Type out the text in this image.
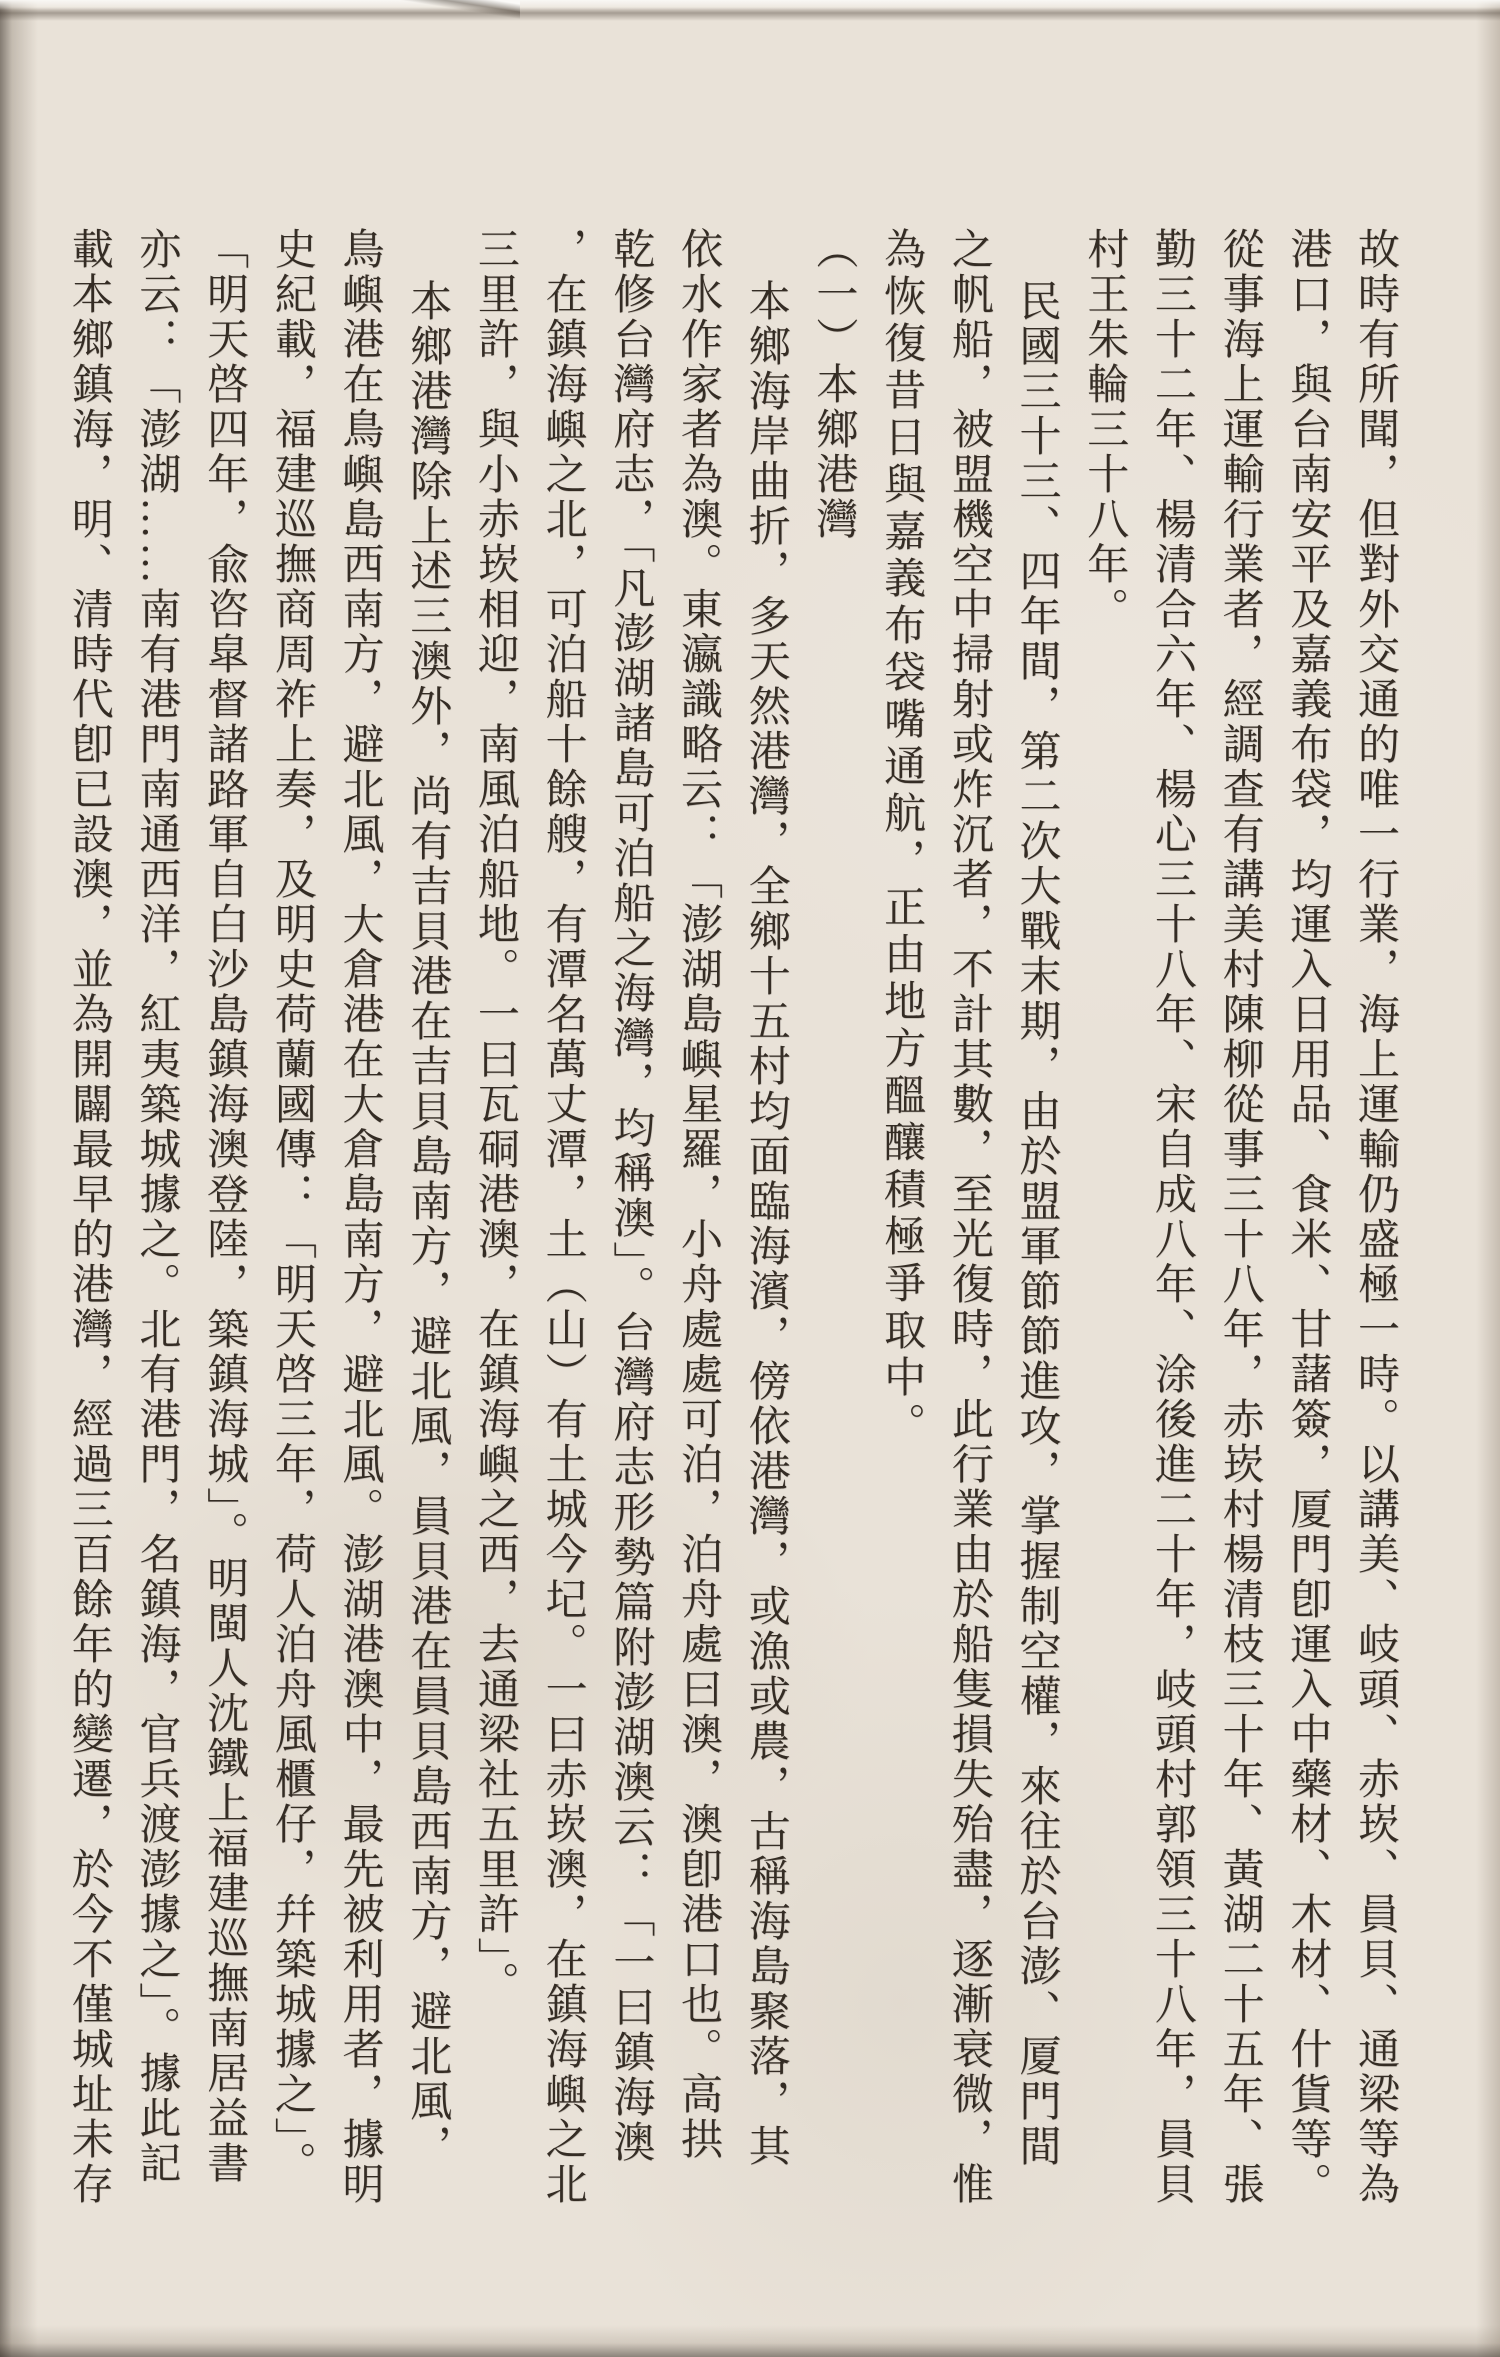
故時有所聞，但對外交通的唯一行業，海上運輸仍盛極一時。以講美、岐頭、赤崁、員貝、通梁等為
港口，與台南安平及嘉義布袋，均運入日用品、食米、甘藷簽，厦門卽運入中藥材、木材、什貨等。
從事海上運輸行業者，經調查有講美村陳柳從事三十八年，赤崁村楊清枝三十年、黃湖二十五年、張
勤三十二年、楊清合六年、楊心三十八年、宋自成八年、涂後進二十年，岐頭村郭領三十八年，員貝
村王朱輪三十八年。
民國三十三、四年間，第二次大戰末期，由於盟軍節節進攻，掌握制空權，來往於台澎、厦門間
之帆船，被盟機空中掃射或炸沉者，不計其數，至光復時，此行業由於船隻損失殆盡，逐漸衰微，惟
為恢復昔日與嘉義布袋嘴通航，正由地方醞釀積極爭取中。
（一）本鄉港灣
本鄉海岸曲折，多天然港灣，全鄉十五村均面臨海濱，傍依港灣，或漁或農，古稱海島聚落，其
依水作家者為澳。東瀛識略云：「澎湖島嶼星羅，小舟處處可泊，泊舟處曰澳，澳卽港口也。高拱
乾修台灣府志，「凡澎湖諸島可泊船之海灣，均稱澳」。台灣府志形勢篇附澎湖澳云：「一曰鎮海澳
，在鎮海嶼之北，可泊船十餘艘，有潭名萬丈潭，土（山）有土城今圮。一曰赤崁澳，在鎮海嶼之北
三里許，與小赤崁相迎，南風泊船地。一曰瓦硐港澳，在鎮海嶼之西，去通梁社五里許」。
本鄉港灣除上述三澳外，尚有吉貝港在吉貝島南方，避北風，員貝港在員貝島西南方，避北風，
鳥嶼港在鳥嶼島西南方，避北風，大倉港在大倉島南方，避北風。澎湖港澳中，最先被利用者，據明
史紀載，福建巡撫商周祚上奏，及明史荷蘭國傳：「明天啓三年，荷人泊舟風櫃仔，幷築城據之」。
「明天啓四年，兪咨皐督諸路軍自白沙島鎮海澳登陸，築鎮海城」。明閩人沈鐵上福建巡撫南居益書
亦云：「澎湖……南有港門南通西洋，紅夷築城據之。北有港門，名鎮海，官兵渡澎據之」。據此記
載本鄉鎮海，明、清時代卽已設澳，並為開闢最早的港灣，經過三百餘年的變遷，於今不僅城址未存
